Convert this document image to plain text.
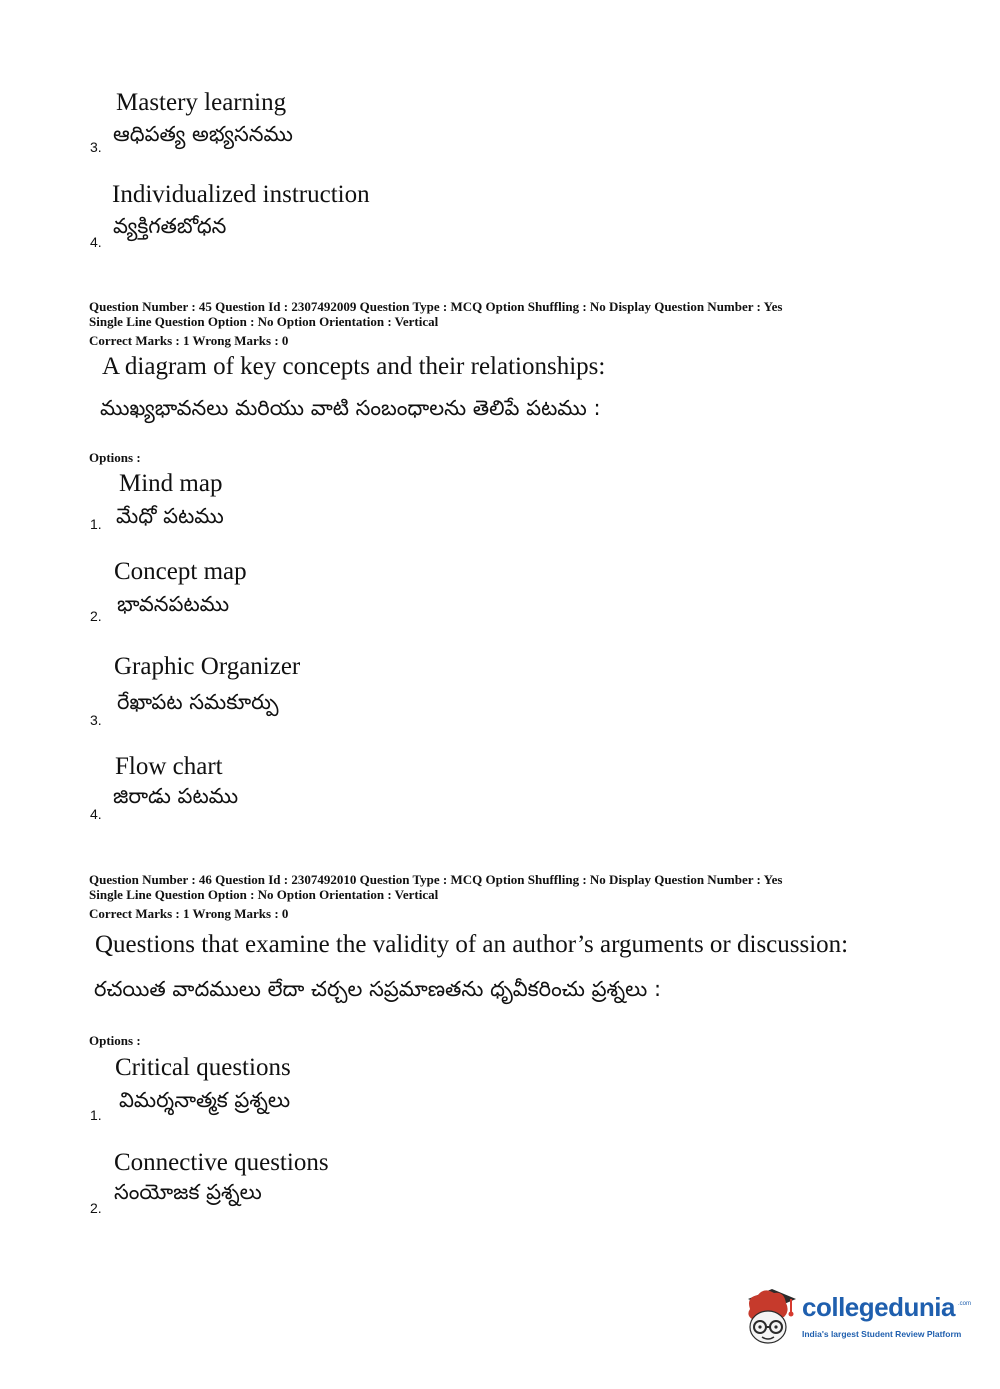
Mastery learning
ఆధిపత్య అభ్యసనము
3.
Individualized instruction
వ్యక్తిగతబోధన
4.
Question Number : 45 Question Id : 2307492009 Question Type : MCQ Option Shuffling : No Display Question Number : Yes
Single Line Question Option : No Option Orientation : Vertical
Correct Marks : 1 Wrong Marks : 0
A diagram of key concepts and their relationships:
ముఖ్యభావనలు మరియు వాటి సంబంధాలను తెలిపే పటము :
Options :
Mind map
మేధో పటము
1.
Concept map
భావనపటము
2.
Graphic Organizer
రేఖాపట సమకూర్పు
3.
Flow chart
జిరాడు పటము
4.
Question Number : 46 Question Id : 2307492010 Question Type : MCQ Option Shuffling : No Display Question Number : Yes
Single Line Question Option : No Option Orientation : Vertical
Correct Marks : 1 Wrong Marks : 0
Questions that examine the validity of an author’s arguments or discussion:
రచయిత వాదములు లేదా చర్చల సప్రమాణతను ధృవీకరించు ప్రశ్నలు :
Options :
Critical questions
విమర్శనాత్మక ప్రశ్నలు
1.
Connective questions
సంయోజక ప్రశ్నలు
2.
collegedunia .com
India's largest Student Review Platform
